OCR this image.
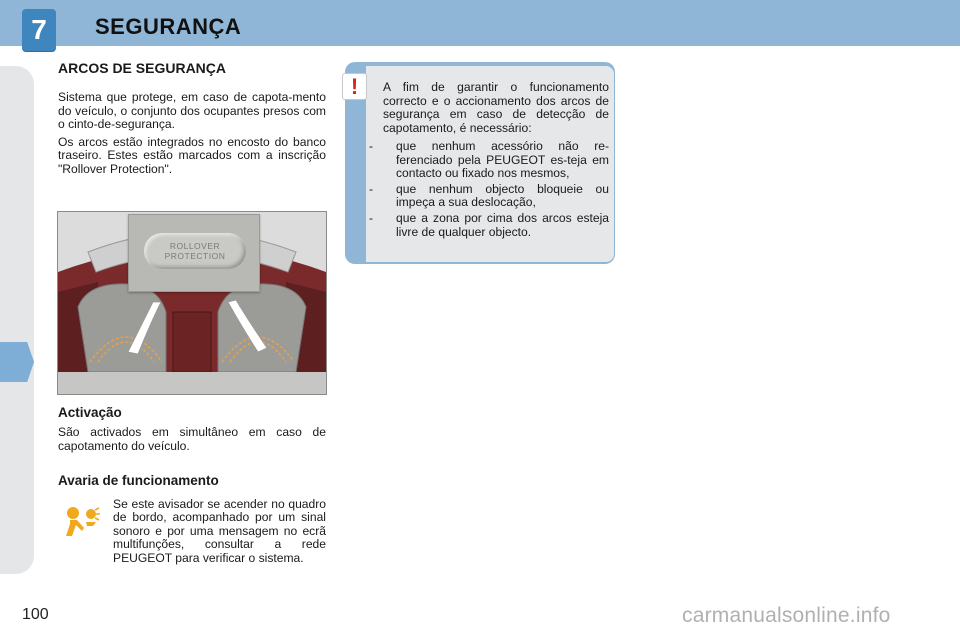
7	SEGURANÇA
100
ARCOS DE SEGURANÇA

Sistema que protege, em caso de capota-mento do veículo, o conjunto dos ocupantes presos com o cinto-de-segurança.

Os arcos estão integrados no encosto do banco traseiro. Estes estão marcados com a inscrição "Rollover Protection".

ROLLOVER
PROTECTION
Activação

São activados em simultâneo em caso de capotamento do veículo.

Avaria de funcionamento

Se este avisador se acender no quadro de bordo, acompanhado por um sinal sonoro e por uma mensagem no ecrã multifunções, consultar a rede PEUGEOT para verificar o sistema.

! A fim de garantir o funcionamento correcto e o accionamento dos arcos de segurança em caso de detecção de capotamento, é necessário:

- que nenhum acessório não re-ferenciado pela PEUGEOT es-teja em contacto ou fixado nos mesmos,
- que nenhum objecto bloqueie ou impeça a sua deslocação,
- que a zona por cima dos arcos esteja livre de qualquer objecto.
carmanualsonline.info
